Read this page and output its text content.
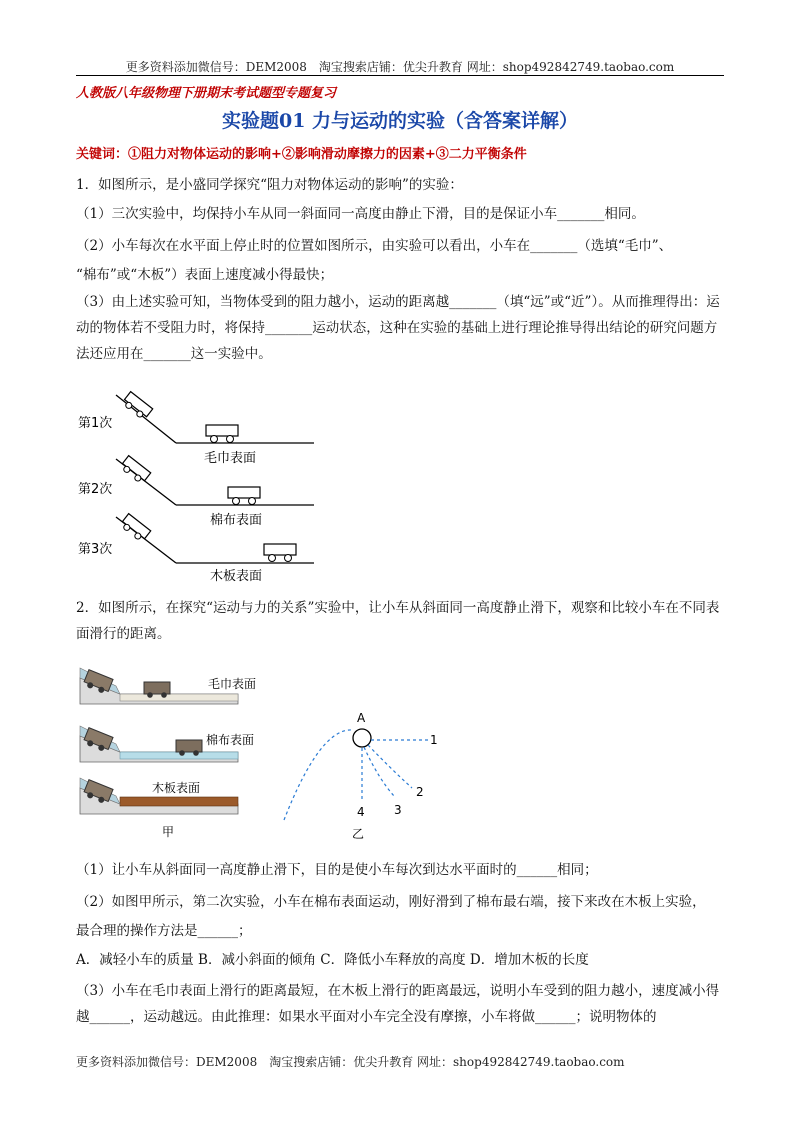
更多资料添加微信号：DEM2008　淘宝搜索店铺：优尖升教育 网址：shop492842749.taobao.com
人教版八年级物理下册期末考试题型专题复习
实验题01 力与运动的实验（含答案详解）
关键词：①阻力对物体运动的影响+②影响滑动摩擦力的因素+③二力平衡条件
1．如图所示，是小盛同学探究“阻力对物体运动的影响”的实验：
（1）三次实验中，均保持小车从同一斜面同一高度由静止下滑，目的是保证小车_______相同。
（2）小车每次在水平面上停止时的位置如图所示，由实验可以看出，小车在_______（选填“毛巾”、
“棉布”或“木板”）表面上速度减小得最快；
（3）由上述实验可知，当物体受到的阻力越小，运动的距离越_______（填“远”或“近”）。从而推理得出：运动的物体若不受阻力时，将保持_______运动状态，这种在实验的基础上进行理论推导得出结论的研究问题方法还应用在_______这一实验中。
第1次
毛巾表面
第2次
棉布表面
第3次
木板表面
2．如图所示，在探究“运动与力的关系”实验中，让小车从斜面同一高度静止滑下，观察和比较小车在不同表面滑行的距离。
毛巾表面
棉布表面
木板表面
甲
A
1
2
3
4
乙
（1）让小车从斜面同一高度静止滑下，目的是使小车每次到达水平面时的______相同；
（2）如图甲所示，第二次实验，小车在棉布表面运动，刚好滑到了棉布最右端，接下来改在木板上实验，
最合理的操作方法是______；
A．减轻小车的质量 B．减小斜面的倾角 C．降低小车释放的高度 D．增加木板的长度
（3）小车在毛巾表面上滑行的距离最短，在木板上滑行的距离最远，说明小车受到的阻力越小，速度减小得越______，运动越远。由此推理：如果水平面对小车完全没有摩擦，小车将做______；说明物体的
更多资料添加微信号：DEM2008　淘宝搜索店铺：优尖升教育 网址：shop492842749.taobao.com
